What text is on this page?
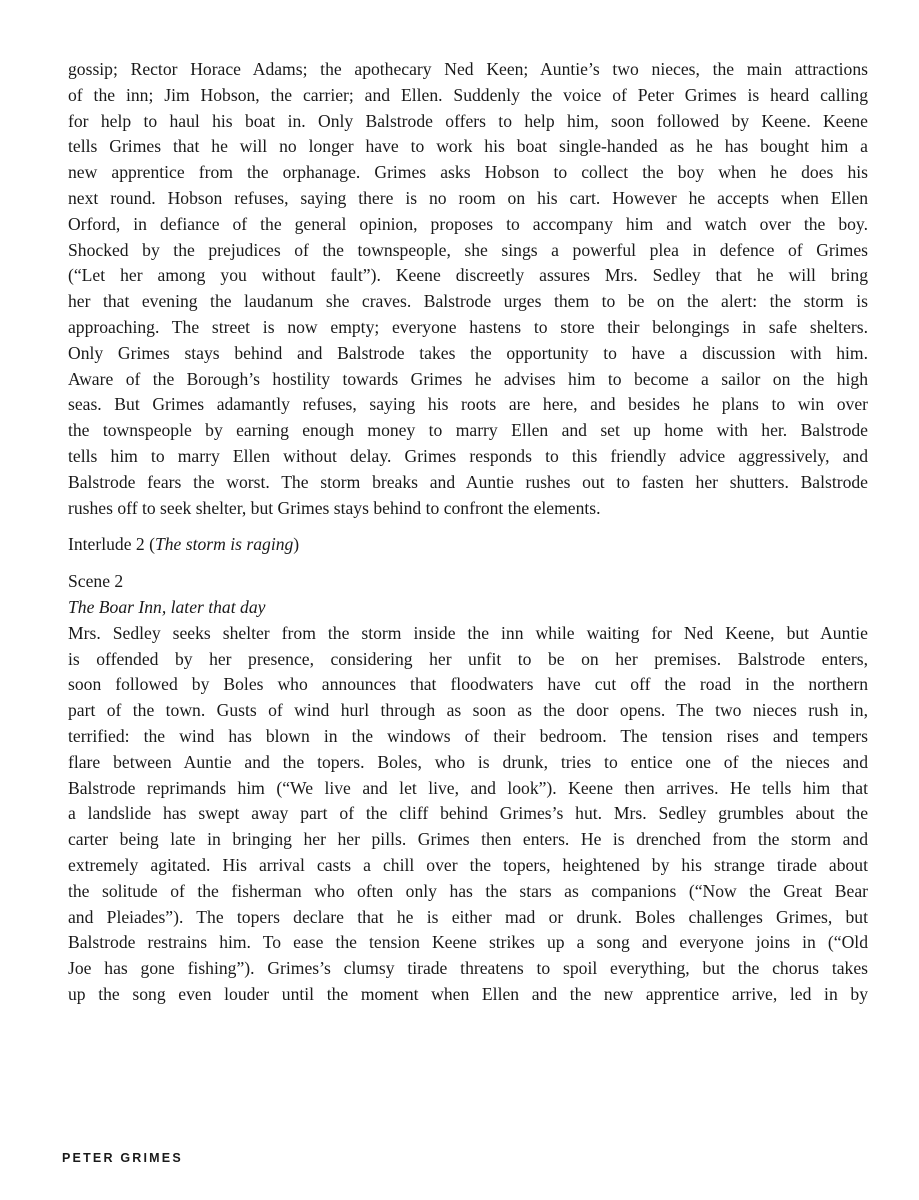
gossip; Rector Horace Adams; the apothecary Ned Keen; Auntie’s two nieces, the main attractions
of the inn; Jim Hobson, the carrier; and Ellen. Suddenly the voice of Peter Grimes is heard calling
for help to haul his boat in. Only Balstrode offers to help him, soon followed by Keene. Keene
tells Grimes that he will no longer have to work his boat single-handed as he has bought him a
new apprentice from the orphanage. Grimes asks Hobson to collect the boy when he does his
next round. Hobson refuses, saying there is no room on his cart. However he accepts when Ellen
Orford, in defiance of the general opinion, proposes to accompany him and watch over the boy.
Shocked by the prejudices of the townspeople, she sings a powerful plea in defence of Grimes
(“Let her among you without fault”). Keene discreetly assures Mrs. Sedley that he will bring
her that evening the laudanum she craves. Balstrode urges them to be on the alert: the storm is
approaching. The street is now empty; everyone hastens to store their belongings in safe shelters.
Only Grimes stays behind and Balstrode takes the opportunity to have a discussion with him.
Aware of the Borough’s hostility towards Grimes he advises him to become a sailor on the high
seas. But Grimes adamantly refuses, saying his roots are here, and besides he plans to win over
the townspeople by earning enough money to marry Ellen and set up home with her. Balstrode
tells him to marry Ellen without delay. Grimes responds to this friendly advice aggressively, and
Balstrode fears the worst. The storm breaks and Auntie rushes out to fasten her shutters. Balstrode
rushes off to seek shelter, but Grimes stays behind to confront the elements.

Interlude 2 (The storm is raging)
Scene 2
The Boar Inn, later that day

Mrs. Sedley seeks shelter from the storm inside the inn while waiting for Ned Keene, but Auntie
is offended by her presence, considering her unfit to be on her premises. Balstrode enters,
soon followed by Boles who announces that floodwaters have cut off the road in the northern
part of the town. Gusts of wind hurl through as soon as the door opens. The two nieces rush in,
terrified: the wind has blown in the windows of their bedroom. The tension rises and tempers
flare between Auntie and the topers. Boles, who is drunk, tries to entice one of the nieces and
Balstrode reprimands him (“We live and let live, and look”). Keene then arrives. He tells him that
a landslide has swept away part of the cliff behind Grimes’s hut. Mrs. Sedley grumbles about the
carter being late in bringing her her pills. Grimes then enters. He is drenched from the storm and
extremely agitated. His arrival casts a chill over the topers, heightened by his strange tirade about
the solitude of the fisherman who often only has the stars as companions (“Now the Great Bear
and Pleiades”). The topers declare that he is either mad or drunk. Boles challenges Grimes, but
Balstrode restrains him. To ease the tension Keene strikes up a song and everyone joins in (“Old
Joe has gone fishing”). Grimes’s clumsy tirade threatens to spoil everything, but the chorus takes
up the song even louder until the moment when Ellen and the new apprentice arrive, led in by

PETER GRIMES
